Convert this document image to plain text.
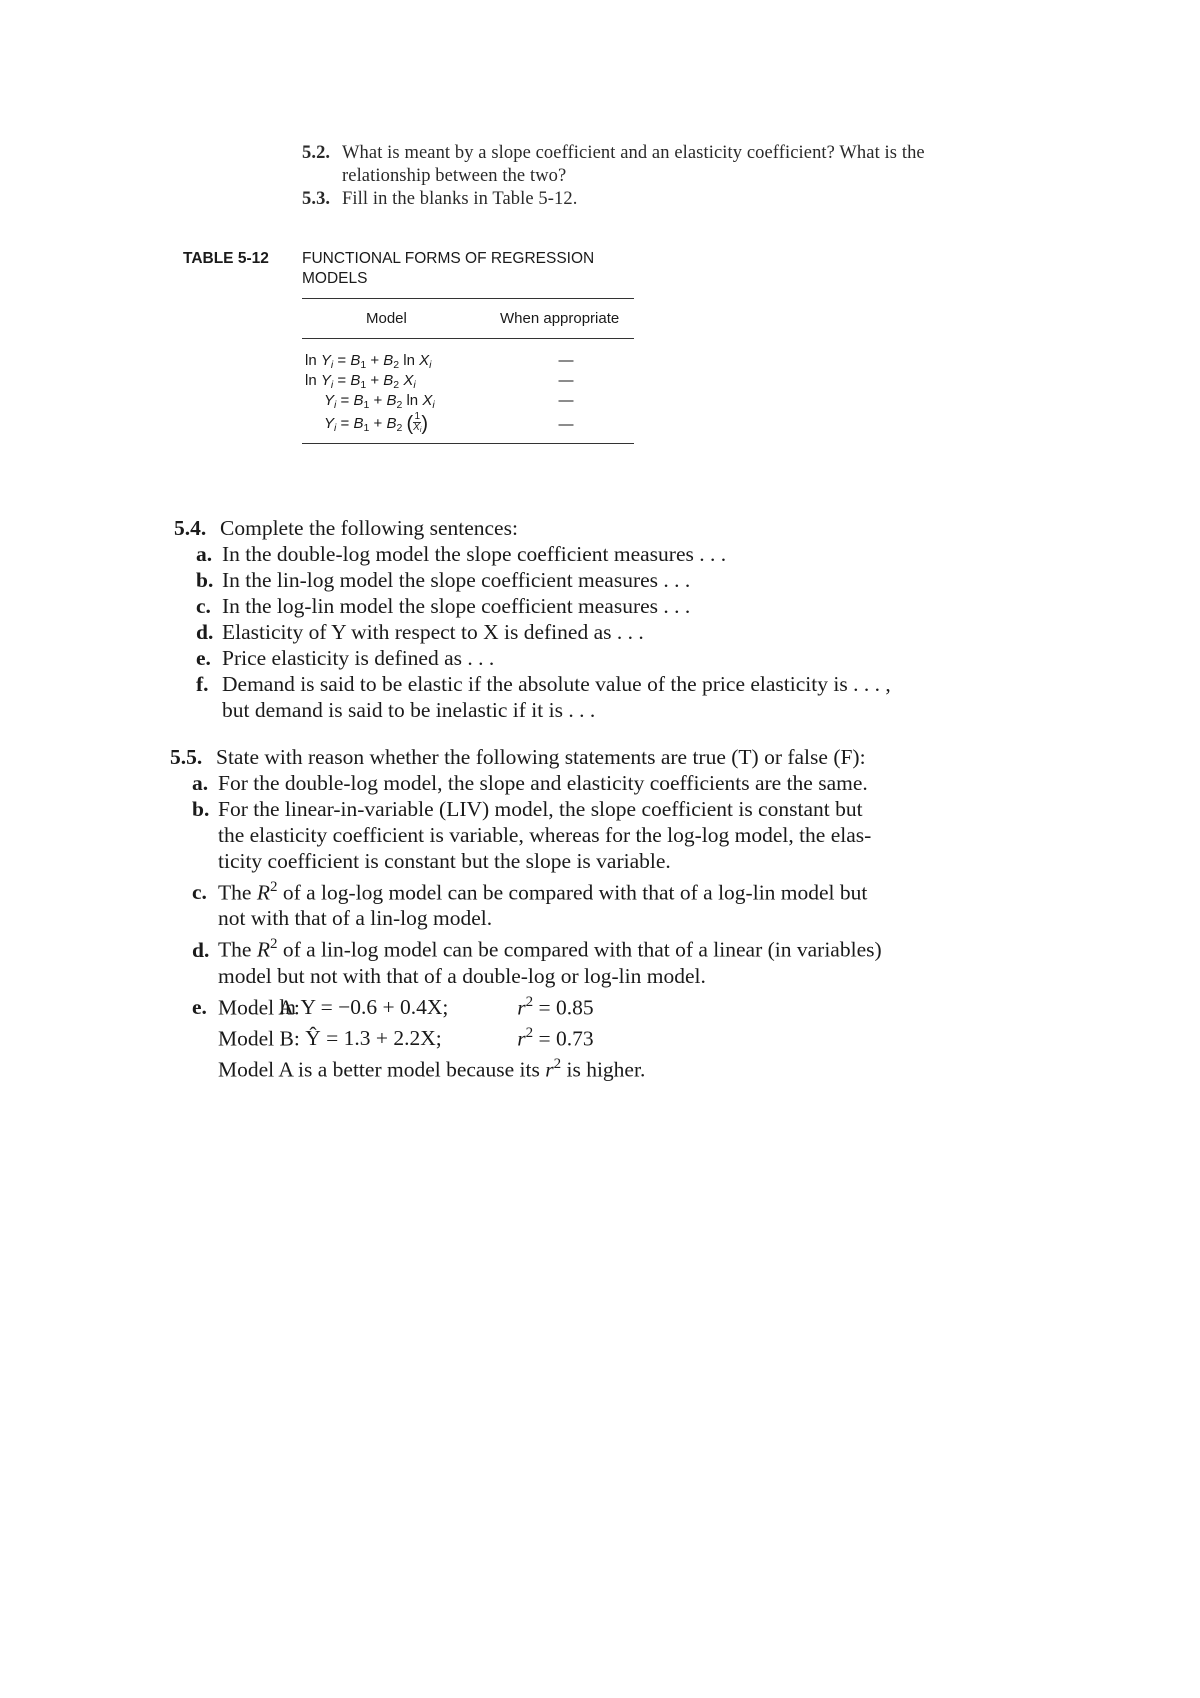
5.2. What is meant by a slope coefficient and an elasticity coefficient? What is the
relationship between the two?
5.3. Fill in the blanks in Table 5-12.
TABLE 5-12 FUNCTIONAL FORMS OF REGRESSION
MODELS
Model	When appropriate
$\ln Y_i = B_1 + B_2$ $\ln X_i$	—
$\ln Y_i = B_1 + B_2$ $X_i$	—
$Y_i = B_1 + B_2$ $\ln X_i$	—
$Y_i = B_1 + B_2$ ( $\frac{1}{X_i}$ )	—
5.4. Complete the following sentences:
a. In the double-log model the slope coefficient measures . . .
b. In the lin-log model the slope coefficient measures . . .
c. In the log-lin model the slope coefficient measures . . .
d. Elasticity of Y with respect to X is defined as . . .
e. Price elasticity is defined as . . .
f. Demand is said to be elastic if the absolute value of the price elasticity is . . . ,
but demand is said to be inelastic if it is . . .
5.5. State with reason whether the following statements are true (T) or false (F):
a. For the double-log model, the slope and elasticity coefficients are the same.
b. For the linear-in-variable (LIV) model, the slope coefficient is constant but
the elasticity coefficient is variable, whereas for the log-log model, the elas-
ticity coefficient is constant but the slope is variable.
c. The $R^2$ of a log-log model can be compared with that of a log-lin model but
not with that of a lin-log model.
d. The $R^2$ of a lin-log model can be compared with that of a linear (in variables)
model but not with that of a double-log or log-lin model.
e. Model A: ln Y = −0.6 + 0.4X;	$r^2 = 0.85$
Model B: Ŷ = 1.3 + 2.2X;	$r^2 = 0.73$
Model A is a better model because its $r^2$ is higher.
